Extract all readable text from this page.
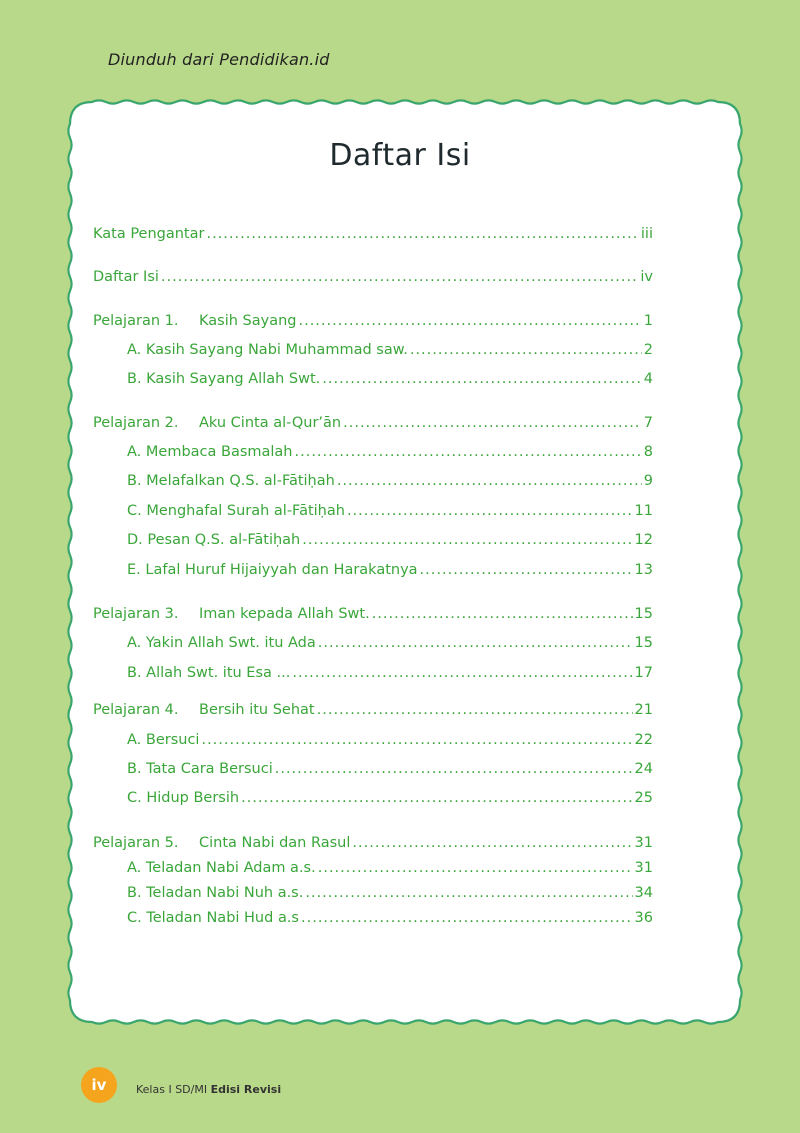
Diunduh dari Pendidikan.id
Daftar Isi
Kata Pengantar .....	iii
Daftar Isi .....	iv
Pelajaran 1. Kasih Sayang .....	1
A. Kasih Sayang Nabi Muhammad saw. .....	2
B. Kasih Sayang Allah Swt. .....	4
Pelajaran 2. Aku Cinta al-Qur’ān .....	7
A. Membaca Basmalah .....	8
B. Melafalkan Q.S. al-Fātiḥah .....	9
C. Menghafal Surah al-Fātiḥah .....	11
D. Pesan Q.S. al-Fātiḥah .....	12
E. Lafal Huruf Hijaiyyah dan Harakatnya .....	13
Pelajaran 3. Iman kepada Allah Swt. .....	15
A. Yakin Allah Swt. itu Ada .....	15
B. Allah Swt. itu Esa ... .....	17
Pelajaran 4. Bersih itu Sehat .....	21
A. Bersuci .....	22
B. Tata Cara Bersuci .....	24
C. Hidup Bersih .....	25
Pelajaran 5. Cinta Nabi dan Rasul .....	31
A. Teladan Nabi Adam a.s. .....	31
B. Teladan Nabi Nuh a.s. .....	34
C. Teladan Nabi Hud a.s .....	36
iv	Kelas I SD/MI Edisi Revisi
